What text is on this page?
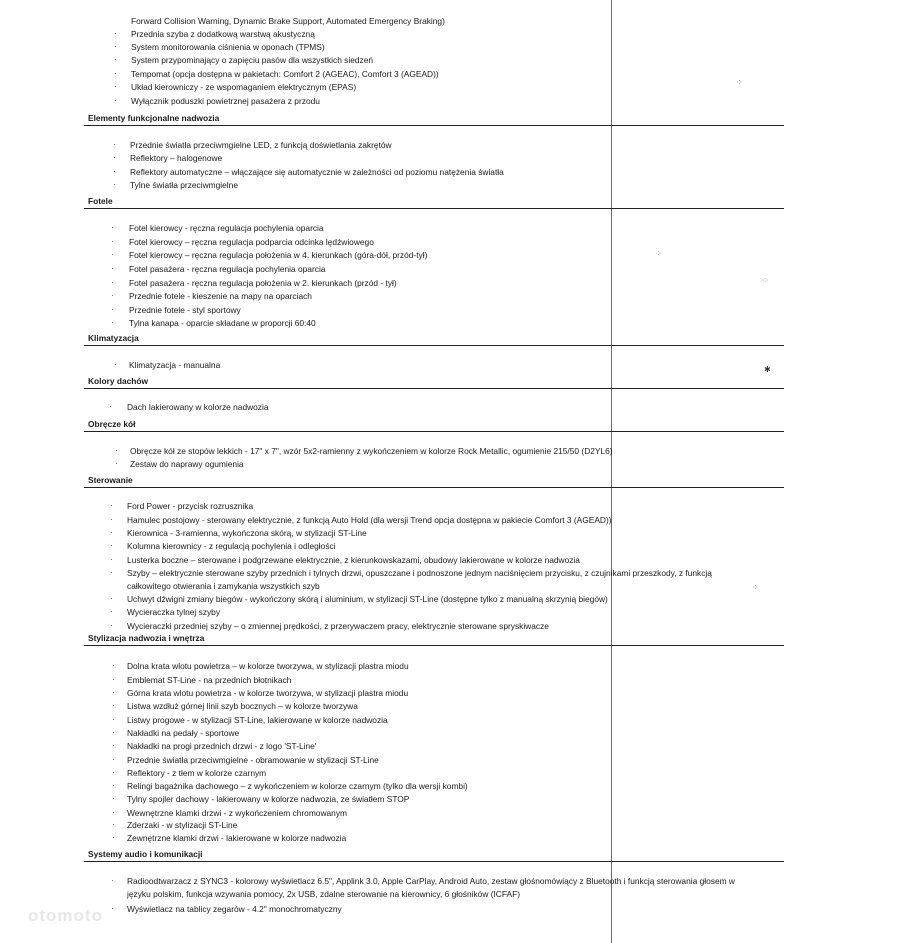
Forward Collision Warning, Dynamic Brake Support, Automated Emergency Braking)
· Przednia szyba z dodatkową warstwą akustyczną
· System monitorowania ciśnienia w oponach (TPMS)
· System przypominający o zapięciu pasów dla wszystkich siedzeń
· Tempomat (opcja dostępna w pakietach: Comfort 2 (AGEAC), Comfort 3 (AGEAD))
· Układ kierowniczy - ze wspomaganiem elektrycznym (EPAS)
· Wyłącznik poduszki powietrznej pasażera z przodu
Elementy funkcjonalne nadwozia
· Przednie światła przeciwmgielne LED, z funkcją doświetlania zakrętów
· Reflektory – halogenowe
· Reflektory automatyczne – włączające się automatycznie w zależności od poziomu natężenia światła
· Tylne światła przeciwmgielne
Fotele
· Fotel kierowcy - ręczna regulacja pochylenia oparcia
· Fotel kierowcy – ręczna regulacja podparcia odcinka lędźwiowego
· Fotel kierowcy – ręczna regulacja położenia w 4. kierunkach (góra-dół, przód-tył)
· Fotel pasażera - ręczna regulacja pochylenia oparcia
· Fotel pasażera - ręczna regulacja położenia w 2. kierunkach (przód - tył)
· Przednie fotele - kieszenie na mapy na oparciach
· Przednie fotele - styl sportowy
· Tylna kanapa - oparcie składane w proporcji 60:40
Klimatyzacja
· Klimatyzacja - manualna
Kolory dachów
· Dach lakierowany w kolorze nadwozia
Obręcze kół
· Obręcze kół ze stopów lekkich - 17" x 7", wzór 5x2-ramienny z wykończeniem w kolorze Rock Metallic, ogumienie 215/50 (D2YL6)
· Zestaw do naprawy ogumienia
Sterowanie
· Ford Power - przycisk rozrusznika
· Hamulec postojowy - sterowany elektrycznie, z funkcją Auto Hold (dla wersji Trend opcja dostępna w pakiecie Comfort 3 (AGEAD))
· Kierownica - 3-ramienna, wykończona skórą, w stylizacji ST-Line
· Kolumna kierownicy - z regulacją pochylenia i odległości
· Lusterka boczne – sterowane i podgrzewane elektrycznie, z kierunkowskazami, obudowy lakierowane w kolorze nadwozia
· Szyby – elektrycznie sterowane szyby przednich i tylnych drzwi, opuszczane i podnoszone jednym naciśnięciem przycisku, z czujnikami przeszkody, z funkcją
· Uchwyt dźwigni zmiany biegów - wykończony skórą i aluminium, w stylizacji ST-Line (dostępne tylko z manualną skrzynią biegów)
· Wycieraczka tylnej szyby
· Wycieraczki przedniej szyby – o zmiennej prędkości, z przerywaczem pracy, elektrycznie sterowane spryskiwacze
całkowitego otwierania i zamykania wszystkich szyb
Stylizacja nadwozia i wnętrza
· Dolna krata wlotu powietrza – w kolorze tworzywa, w stylizacji plastra miodu
· Emblemat ST-Line - na przednich błotnikach
· Górna krata wlotu powietrza - w kolorze tworzywa, w stylizacji plastra miodu
· Listwa wzdłuż górnej linii szyb bocznych – w kolorze tworzywa
· Listwy progowe - w stylizacji ST-Line, lakierowane w kolorze nadwozia
· Nakładki na pedały - sportowe
· Nakładki na progi przednich drzwi - z logo 'ST-Line'
· Przednie światła przeciwmgielne - obramowanie w stylizacji ST-Line
· Reflektory - z tłem w kolorze czarnym
· Relingi bagażnika dachowego – z wykończeniem w kolorze czarnym (tylko dla wersji kombi)
· Tylny spojler dachowy - lakierowany w kolorze nadwozia, ze światłem STOP
· Wewnętrzne klamki drzwi - z wykończeniem chromowanym
· Zderzaki - w stylizacji ST-Line
· Zewnętrzne klamki drzwi - lakierowane w kolorze nadwozia
Systemy audio i komunikacji
· Radioodtwarzacz z SYNC3 - kolorowy wyświetlacz 6.5", Applink 3.0, Apple CarPlay, Android Auto, zestaw głośnomówiący z Bluetooth i funkcją sterowania głosem w
· Wyświetlacz na tablicy zegarów - 4.2" monochromatyczny
języku polskim, funkcja wzywania pomocy, 2x USB, zdalne sterowanie na kierownicy, 6 głośników (ICFAF)
⁘
⁘
⁘
✱
⁘
otomoto
